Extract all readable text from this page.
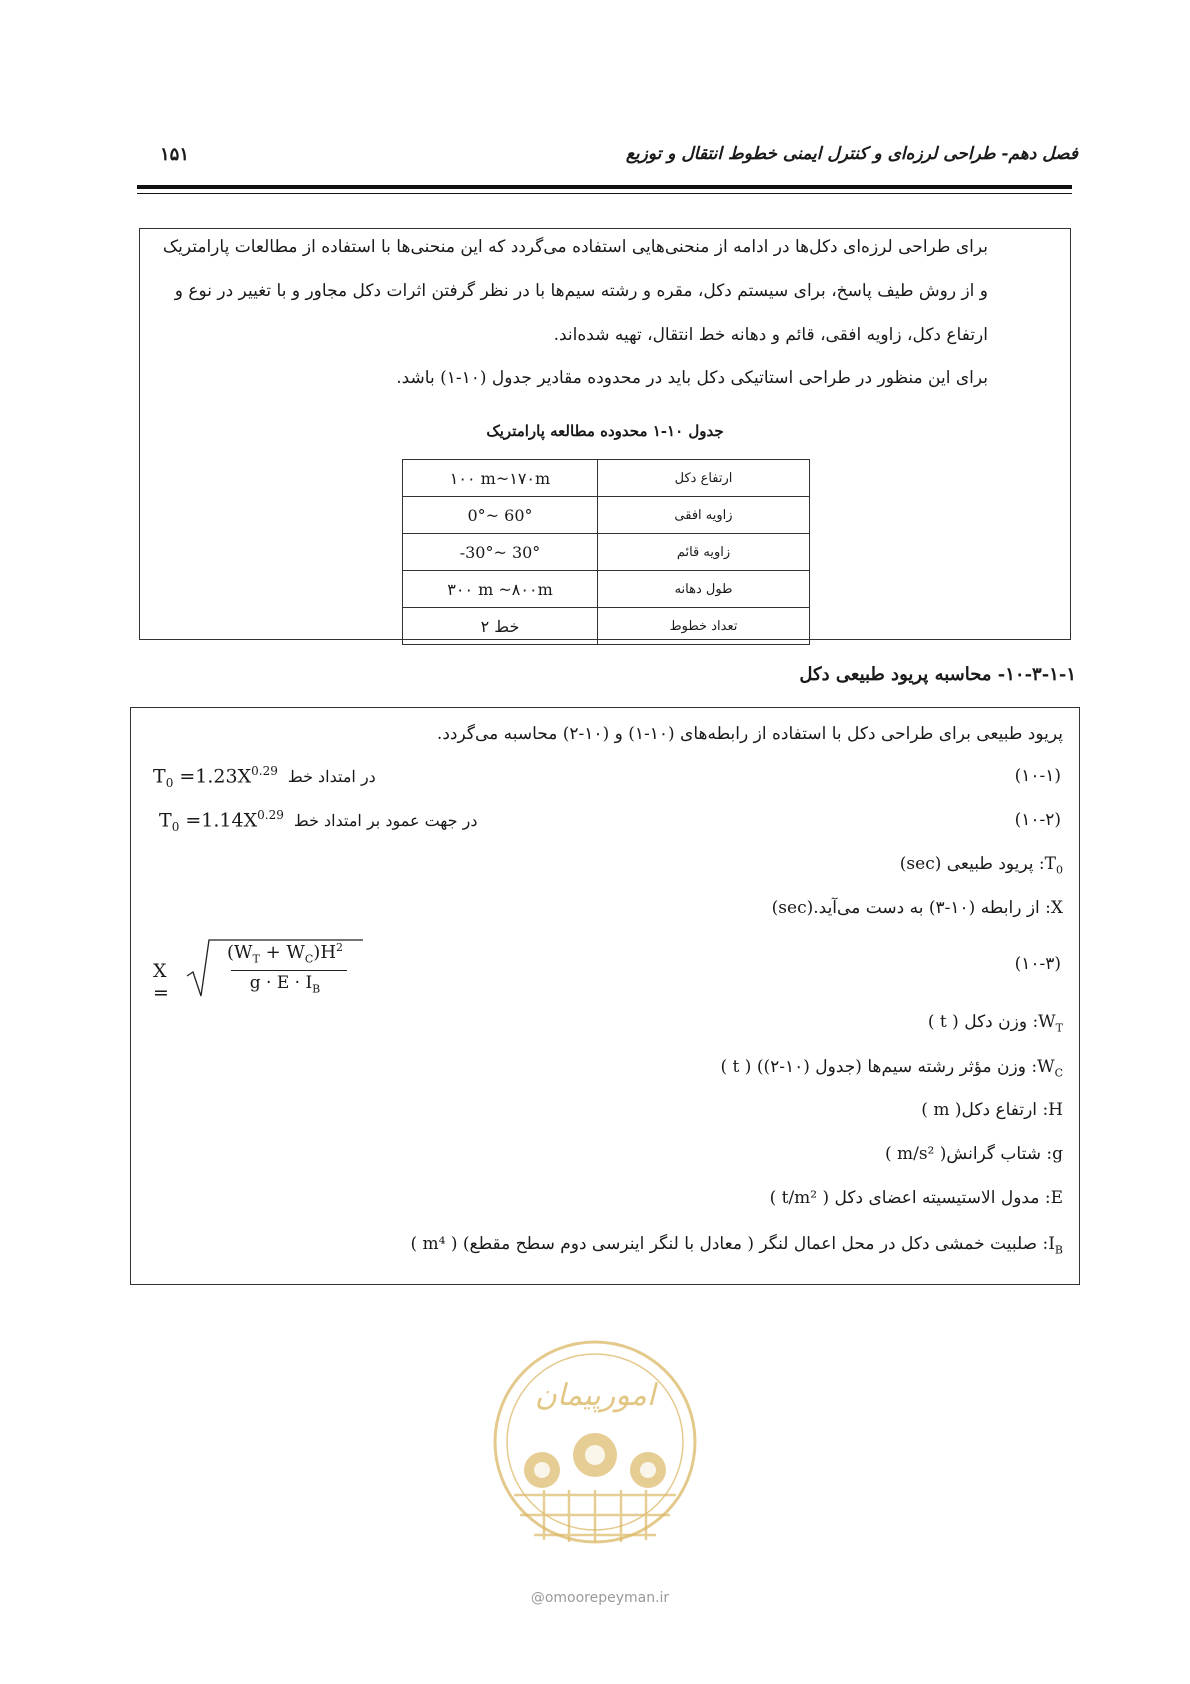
فصل دهم- طراحی لرزه‌ای و کنترل ایمنی خطوط انتقال و توزیع
۱۵۱
برای طراحی لرزه‌ای دکل‌ها در ادامه از منحنی‌هایی استفاده می‌گردد که این منحنی‌ها با استفاده از مطالعات پارامتریک
و از روش طیف پاسخ، برای سیستم دکل، مقره و رشته سیم‌ها با در نظر گرفتن اثرات دکل مجاور و با تغییر در نوع و
ارتفاع دکل، زاویه افقی، قائم و دهانه خط انتقال، تهیه شده‌اند.
برای این منظور در طراحی استاتیکی دکل باید در محدوده مقادیر جدول (۱۰-۱) باشد.
جدول ۱۰-۱ محدوده مطالعه پارامتریک
۱۰۰ m~۱۷۰m	ارتفاع دکل
0°~ 60°	زاویه افقی
-30°~ 30°	زاویه قائم
۳۰۰ m ~۸۰۰m	طول دهانه
۲ خط	تعداد خطوط
۱۰-۳-۱-۱- محاسبه پریود طبیعی دکل
پریود طبیعی برای طراحی دکل با استفاده از رابطه‌های (۱۰-۱) و (۱۰-۲) محاسبه می‌گردد.
$T_0 =1.23X^{0.29}$ در امتداد خط	(۱۰-۱)
$T_0 =1.14X^{0.29}$ در جهت عمود بر امتداد خط	(۱۰-۲)
$T_0$: پریود طبیعی (sec)
X: از رابطه (۱۰-۳) به دست می‌آید.(sec)
X =
$(W_T + W_C)H^2$
$g \cdot E \cdot I_B$
(۱۰-۳)
$W_T$: وزن دکل ( t )
$W_C$: وزن مؤثر رشته سیم‌ها (جدول (۱۰-۲)) ( t )
H: ارتفاع دکل( m )
g: شتاب گرانش( m/s² )
E: مدول الاستیسیته اعضای دکل ( t/m² )
$I_B$: صلبیت خمشی دکل در محل اعمال لنگر ( معادل با لنگر اینرسی دوم سطح مقطع) ( m⁴ )
امورپیمان
@omoorepeyman.ir
